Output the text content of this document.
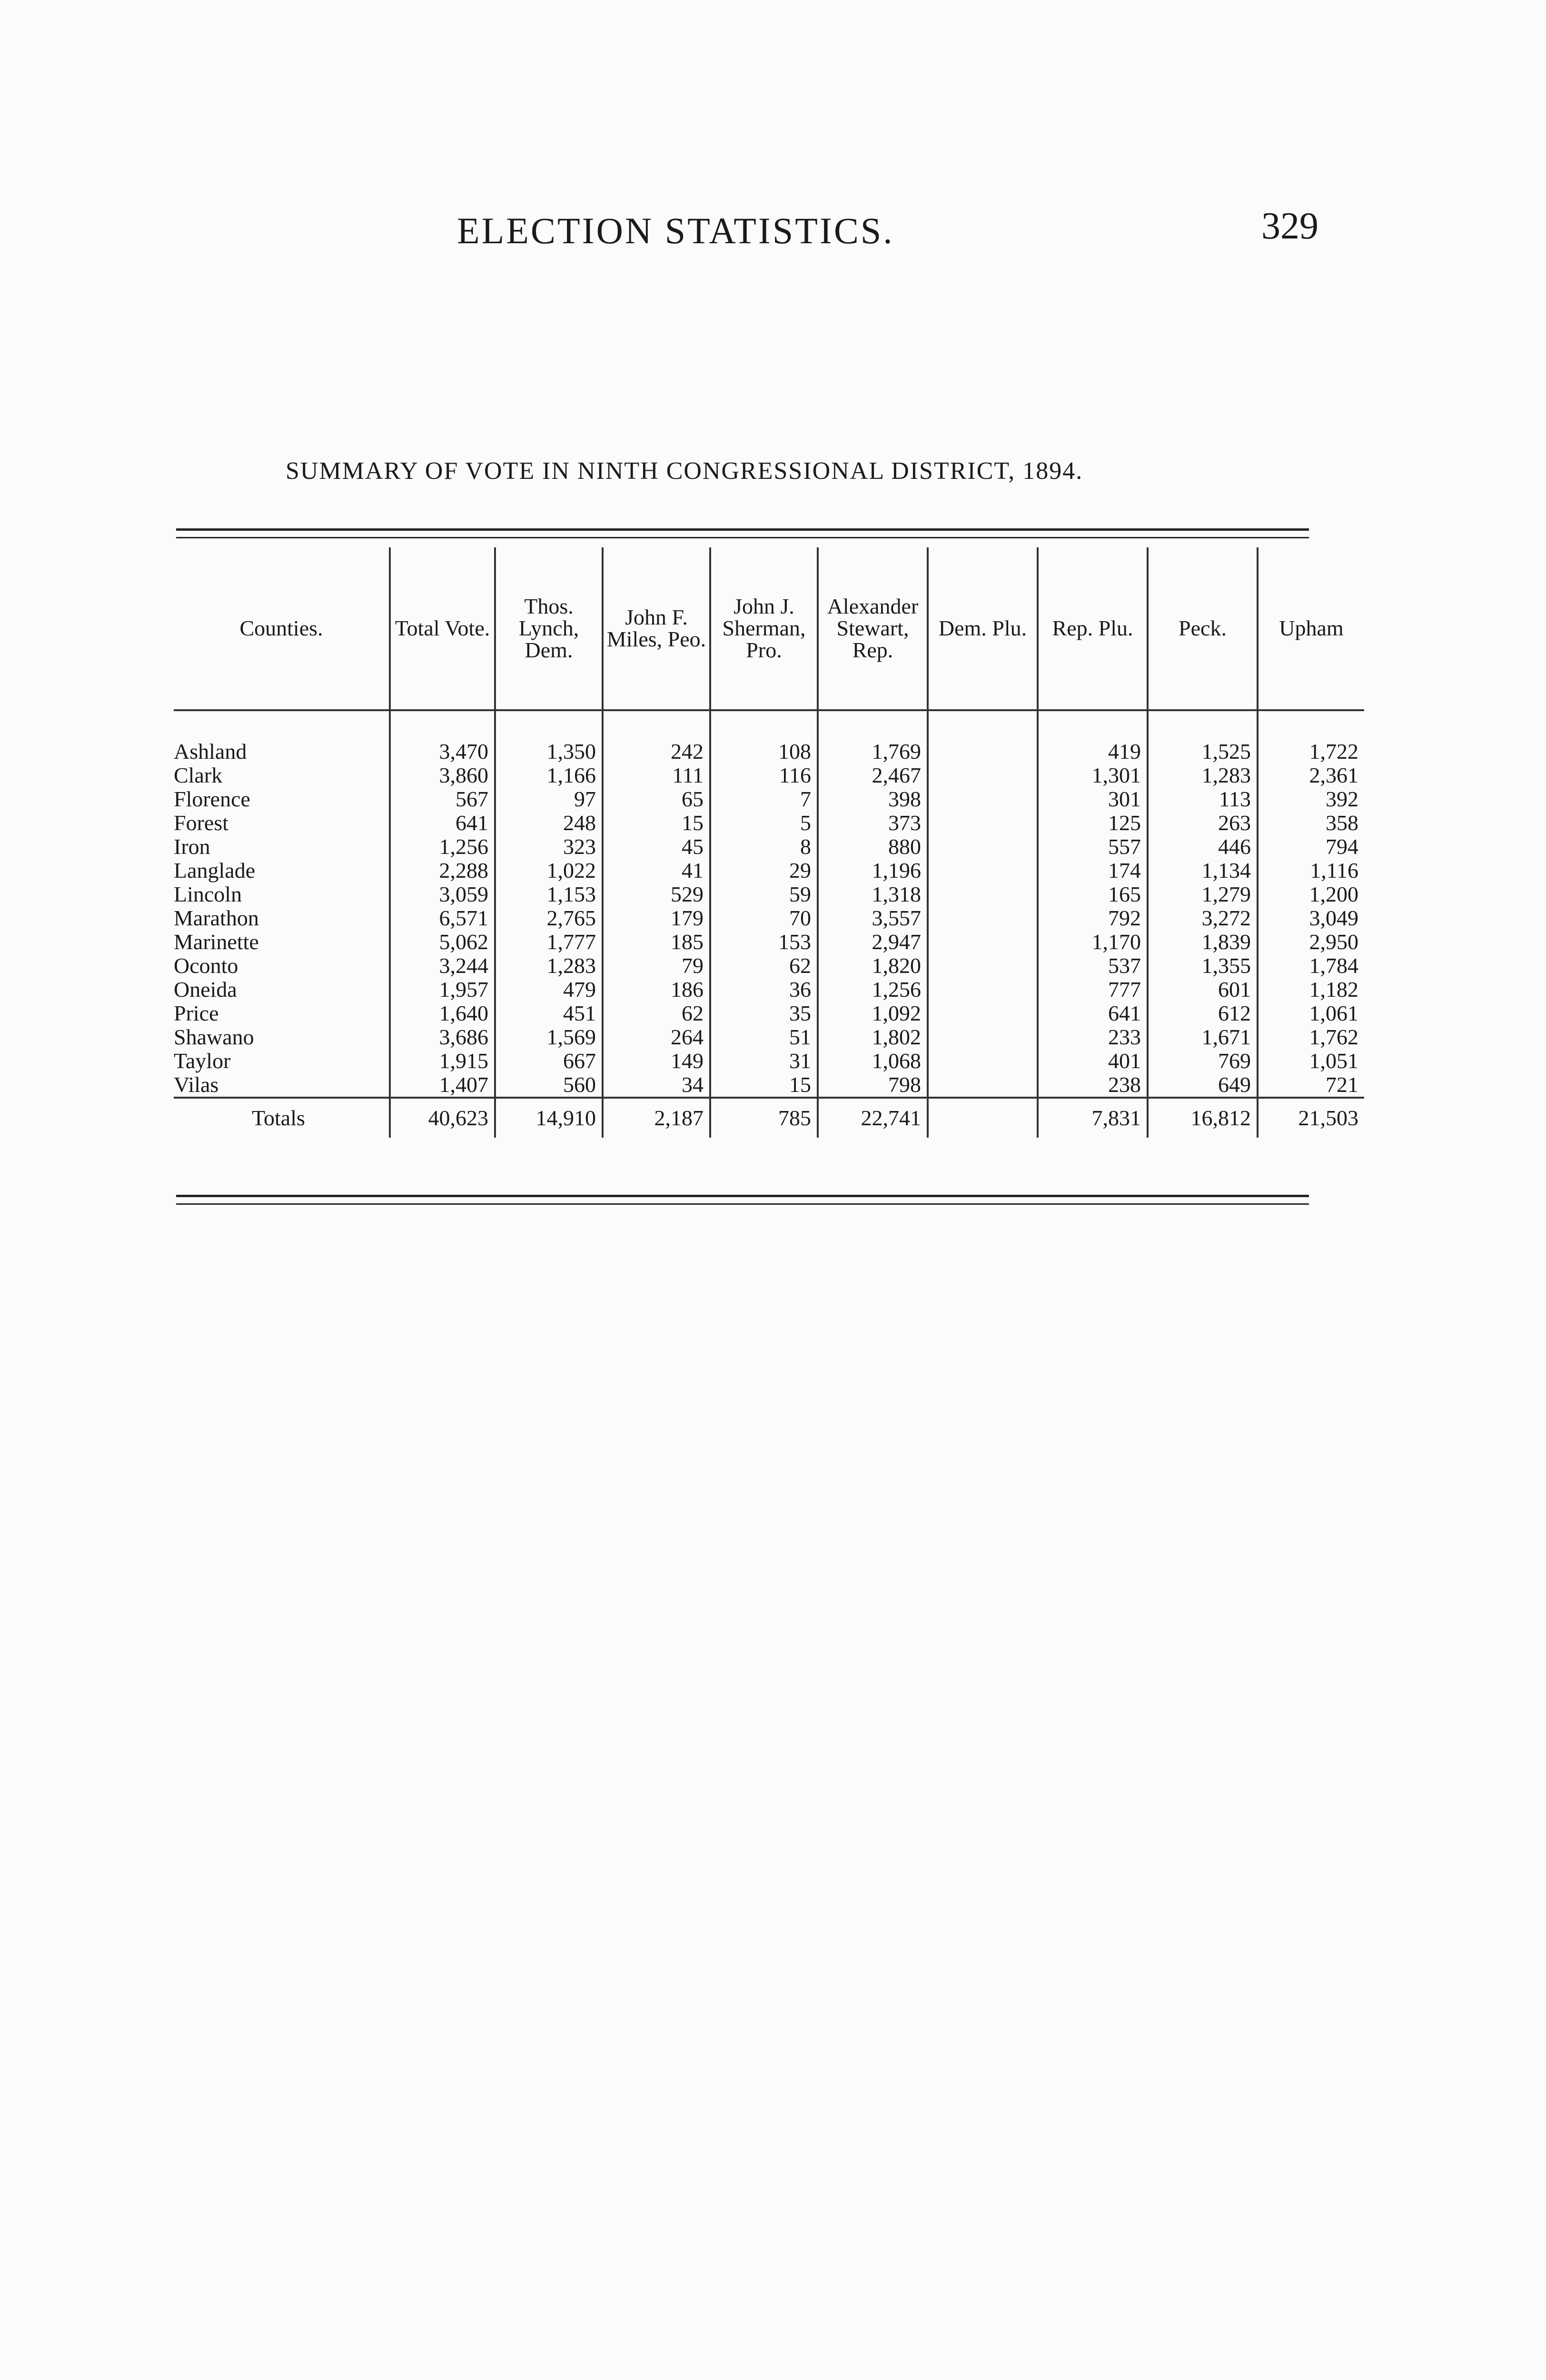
ELECTION STATISTICS.	329
SUMMARY OF VOTE IN NINTH CONGRESSIONAL DISTRICT, 1894.
Counties.	Total Vote.	Thos. Lynch, Dem.	John F. Miles, Peo.	John J. Sherman, Pro.	Alexander Stewart, Rep.	Dem. Plu.	Rep. Plu.	Peck.	Upham

Ashland	3,470	1,350	242	108	1,769		419	1,525	1,722
Clark	3,860	1,166	111	116	2,467		1,301	1,283	2,361
Florence	567	97	65	7	398		301	113	392
Forest	641	248	15	5	373		125	263	358
Iron	1,256	323	45	8	880		557	446	794
Langlade	2,288	1,022	41	29	1,196		174	1,134	1,116
Lincoln	3,059	1,153	529	59	1,318		165	1,279	1,200
Marathon	6,571	2,765	179	70	3,557		792	3,272	3,049
Marinette	5,062	1,777	185	153	2,947		1,170	1,839	2,950
Oconto	3,244	1,283	79	62	1,820		537	1,355	1,784
Oneida	1,957	479	186	36	1,256		777	601	1,182
Price	1,640	451	62	35	1,092		641	612	1,061
Shawano	3,686	1,569	264	51	1,802		233	1,671	1,762
Taylor	1,915	667	149	31	1,068		401	769	1,051
Vilas	1,407	560	34	15	798		238	649	721
Totals	40,623	14,910	2,187	785	22,741		7,831	16,812	21,503
